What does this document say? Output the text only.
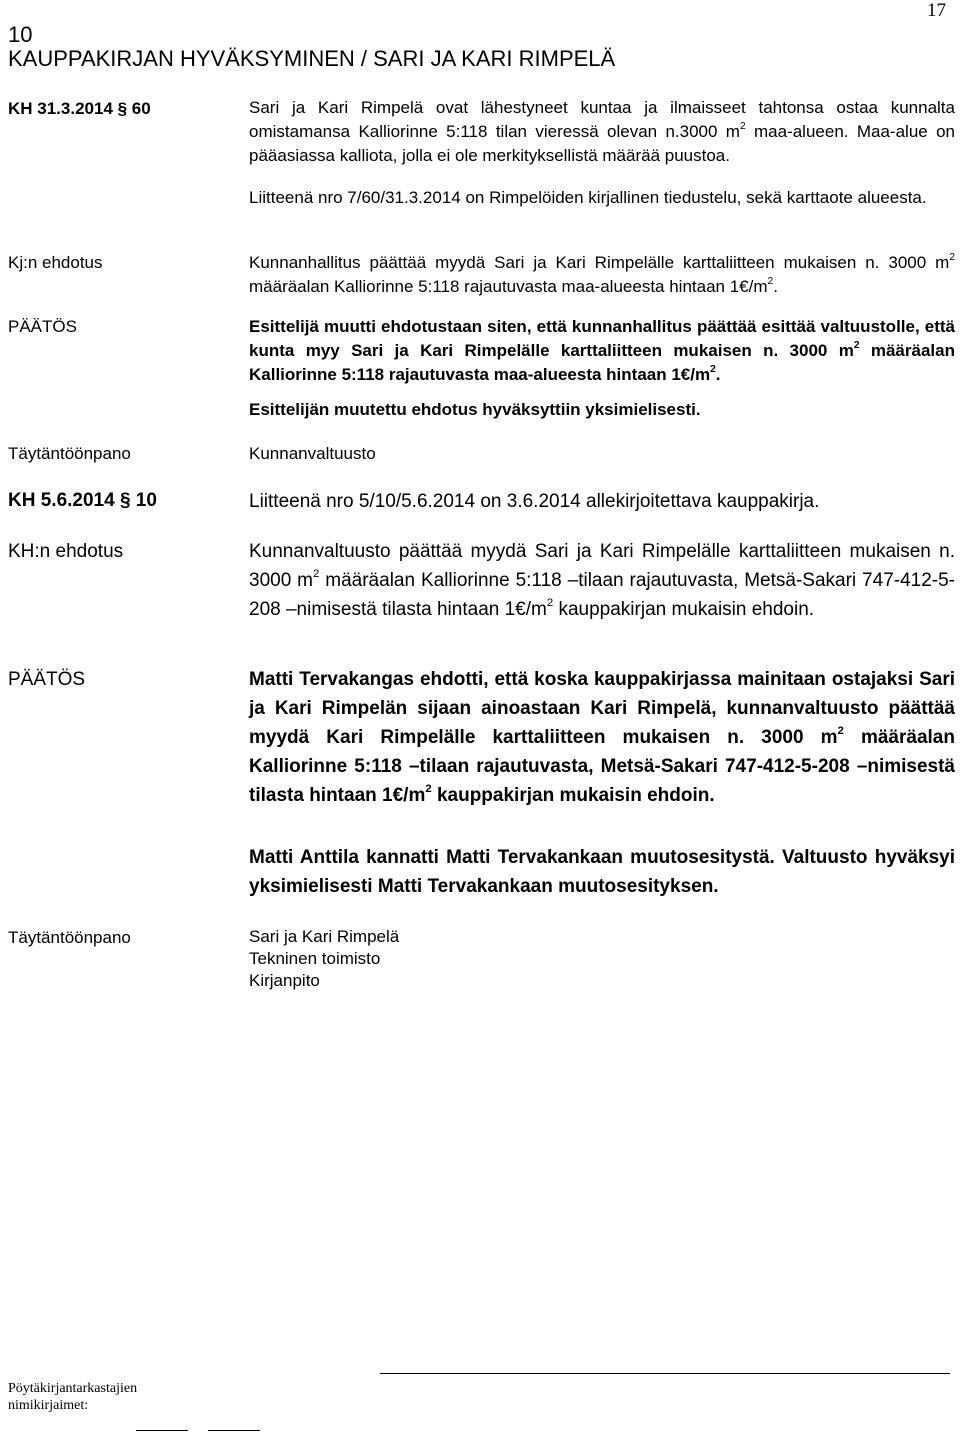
17
10
KAUPPAKIRJAN HYVÄKSYMINEN / SARI JA KARI RIMPELÄ
KH 31.3.2014 § 60	Sari ja Kari Rimpelä ovat lähestyneet kuntaa ja ilmaisseet tahtonsa ostaa kunnalta omistamansa Kalliorinne 5:118 tilan vieressä olevan n.3000 $m^2$ maa-alueen. Maa-alue on pääasiassa kalliota, jolla ei ole merkityksellistä määrää puustoa.

Liitteenä nro 7/60/31.3.2014 on Rimpelöiden kirjallinen tiedustelu, sekä karttaote alueesta.

Kj:n ehdotus	Kunnanhallitus päättää myydä Sari ja Kari Rimpelälle karttaliitteen mukaisen n. 3000 $m^2$ määräalan Kalliorinne 5:118 rajautuvasta maa-alueesta hintaan $1€/m^2$.

PÄÄTÖS	Esittelijä muutti ehdotustaan siten, että kunnanhallitus päättää esittää valtuustolle, että kunta myy Sari ja Kari Rimpelälle karttaliitteen mukaisen n. 3000 $m^2$ määräalan Kalliorinne 5:118 rajautuvasta maa-alueesta hintaan $1€/m^2$.

Esittelijän muutettu ehdotus hyväksyttiin yksimielisesti.

Täytäntöönpano	Kunnanvaltuusto

KH 5.6.2014 § 10	Liitteenä nro 5/10/5.6.2014 on 3.6.2014 allekirjoitettava kauppakirja.

KH:n ehdotus	Kunnanvaltuusto päättää myydä Sari ja Kari Rimpelälle karttaliitteen mukaisen n. 3000 $m^2$ määräalan Kalliorinne 5:118 –tilaan rajautuvasta, Metsä-Sakari 747-412-5-208 –nimisestä tilasta hintaan $1€/m^2$ kauppakirjan mukaisin ehdoin.

PÄÄTÖS	Matti Tervakangas ehdotti, että koska kauppakirjassa mainitaan ostajaksi Sari ja Kari Rimpelän sijaan ainoastaan Kari Rimpelä, kunnanvaltuusto päättää myydä Kari Rimpelälle karttaliitteen mukaisen n. 3000 $m^2$ määräalan Kalliorinne 5:118 –tilaan rajautuvasta, Metsä-Sakari 747-412-5-208 –nimisestä tilasta hintaan $1€/m^2$ kauppakirjan mukaisin ehdoin.

Matti Anttila kannatti Matti Tervakankaan muutosesitystä. Valtuusto hyväksyi yksimielisesti Matti Tervakankaan muutosesityksen.

Täytäntöönpano	Sari ja Kari Rimpelä
Tekninen toimisto
Kirjanpito
Pöytäkirjantarkastajien
nimikirjaimet:
